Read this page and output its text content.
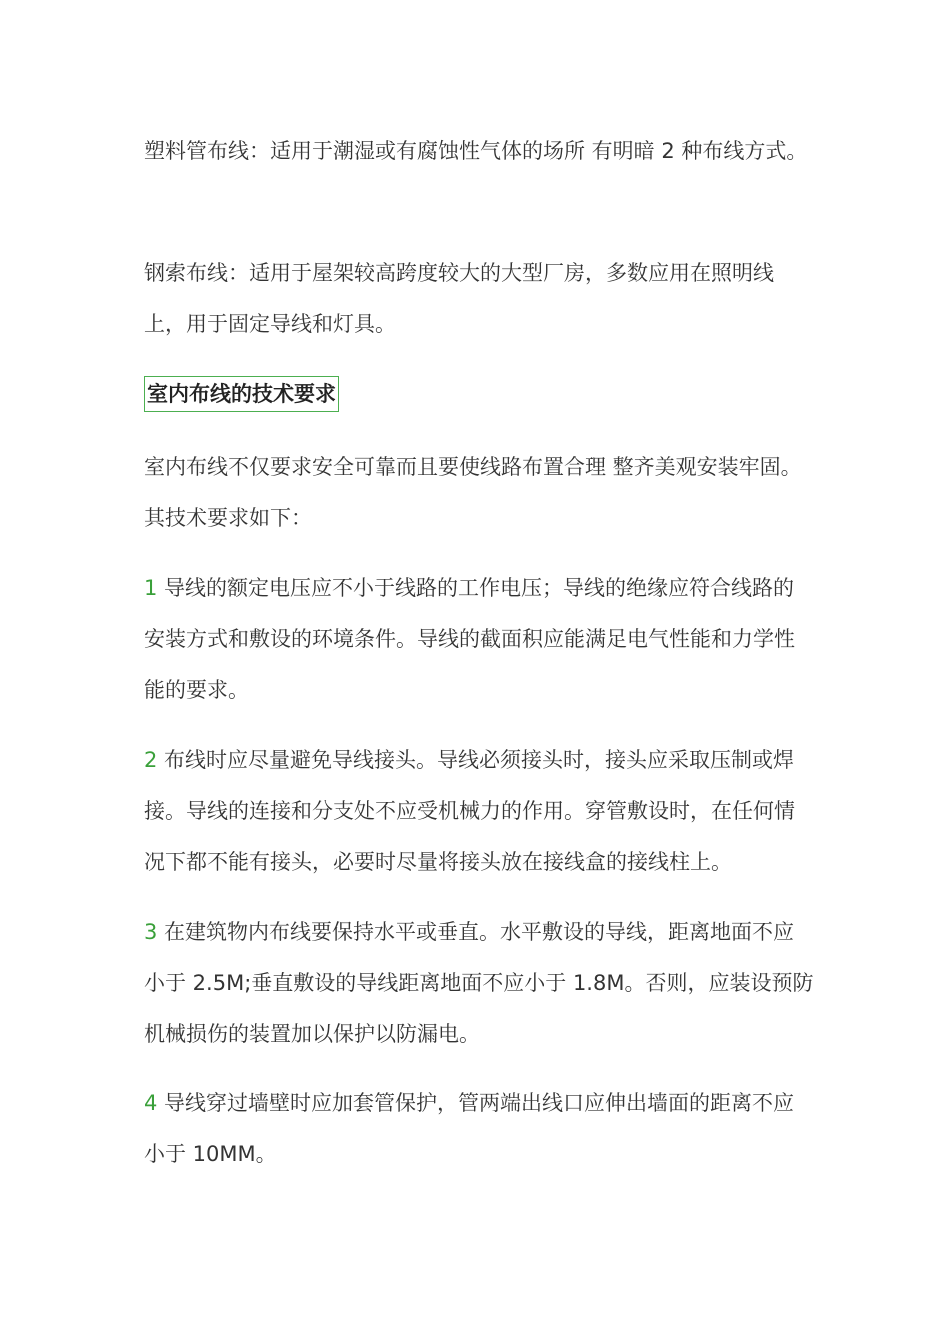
塑料管布线：适用于潮湿或有腐蚀性气体的场所 有明暗 2 种布线方式。

钢索布线：适用于屋架较高跨度较大的大型厂房，多数应用在照明线上，用于固定导线和灯具。

室内布线的技术要求

室内布线不仅要求安全可靠而且要使线路布置合理 整齐美观安装牢固。其技术要求如下：

1 导线的额定电压应不小于线路的工作电压；导线的绝缘应符合线路的安装方式和敷设的环境条件。导线的截面积应能满足电气性能和力学性能的要求。

2 布线时应尽量避免导线接头。导线必须接头时，接头应采取压制或焊接。导线的连接和分支处不应受机械力的作用。穿管敷设时，在任何情况下都不能有接头，必要时尽量将接头放在接线盒的接线柱上。

3 在建筑物内布线要保持水平或垂直。水平敷设的导线，距离地面不应小于 2.5M;垂直敷设的导线距离地面不应小于 1.8M。否则，应装设预防机械损伤的装置加以保护以防漏电。

4 导线穿过墙壁时应加套管保护，管两端出线口应伸出墙面的距离不应小于 10MM。
